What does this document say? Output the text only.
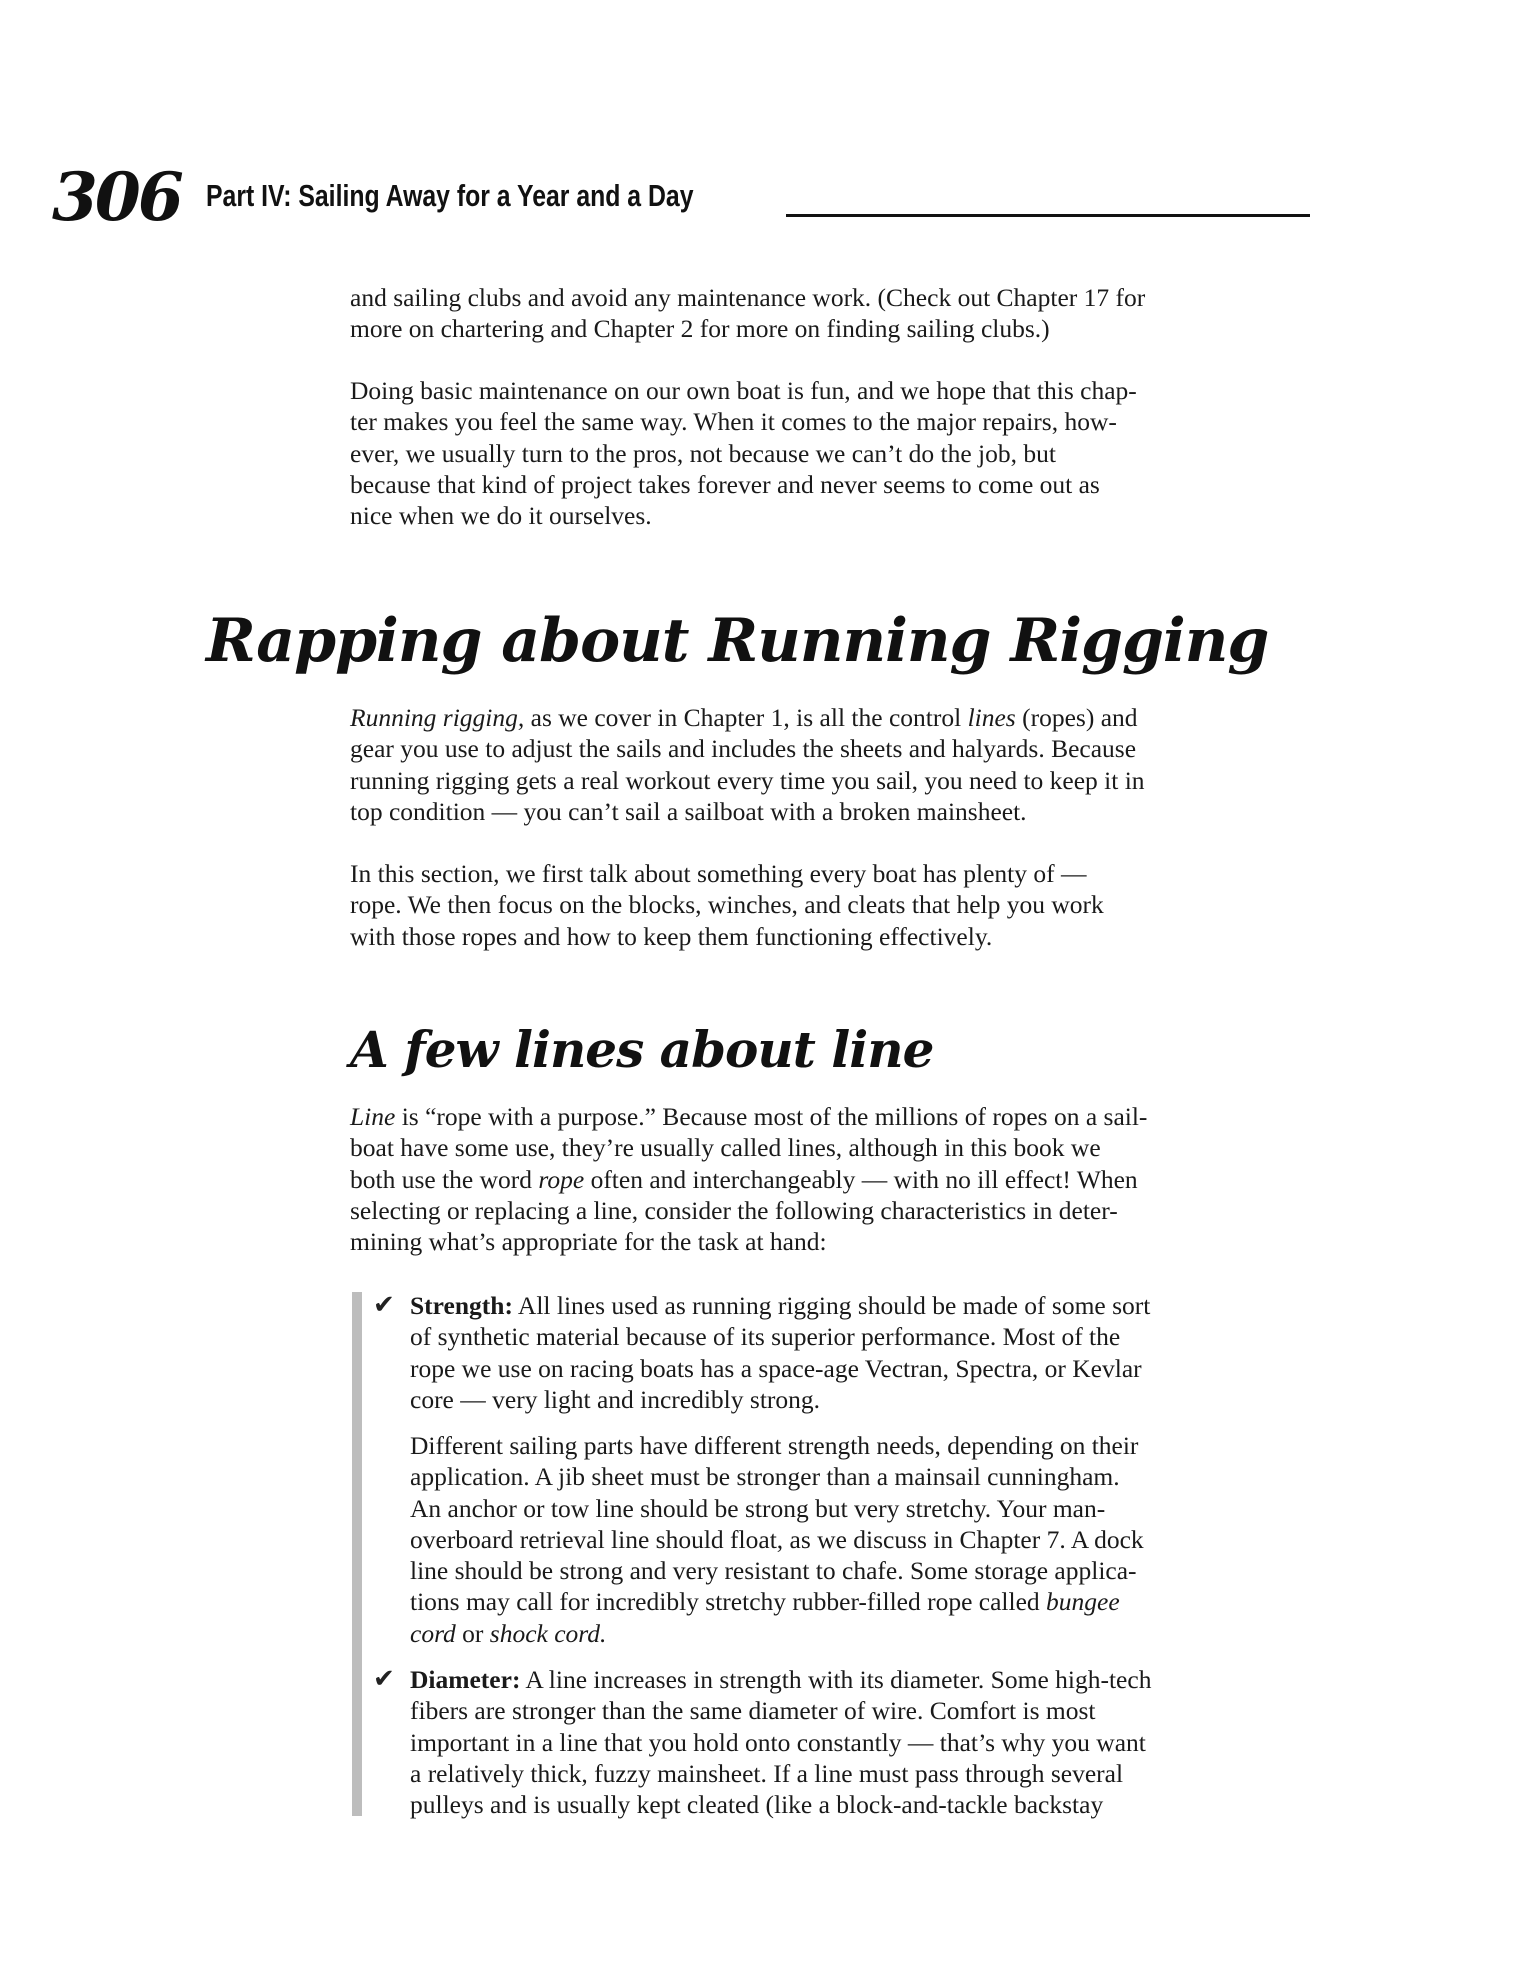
306 Part IV: Sailing Away for a Year and a Day
and sailing clubs and avoid any maintenance work. (Check out Chapter 17 for
more on chartering and Chapter 2 for more on finding sailing clubs.)
Doing basic maintenance on our own boat is fun, and we hope that this chap-
ter makes you feel the same way. When it comes to the major repairs, how-
ever, we usually turn to the pros, not because we can’t do the job, but
because that kind of project takes forever and never seems to come out as
nice when we do it ourselves.
Rapping about Running Rigging
Running rigging, as we cover in Chapter 1, is all the control lines (ropes) and
gear you use to adjust the sails and includes the sheets and halyards. Because
running rigging gets a real workout every time you sail, you need to keep it in
top condition — you can’t sail a sailboat with a broken mainsheet.
In this section, we first talk about something every boat has plenty of —
rope. We then focus on the blocks, winches, and cleats that help you work
with those ropes and how to keep them functioning effectively.
A few lines about line
Line is “rope with a purpose.” Because most of the millions of ropes on a sail-
boat have some use, they’re usually called lines, although in this book we
both use the word rope often and interchangeably — with no ill effect! When
selecting or replacing a line, consider the following characteristics in deter-
mining what’s appropriate for the task at hand:
✔ Strength: All lines used as running rigging should be made of some sort
of synthetic material because of its superior performance. Most of the
rope we use on racing boats has a space-age Vectran, Spectra, or Kevlar
core — very light and incredibly strong.
Different sailing parts have different strength needs, depending on their
application. A jib sheet must be stronger than a mainsail cunningham.
An anchor or tow line should be strong but very stretchy. Your man-
overboard retrieval line should float, as we discuss in Chapter 7. A dock
line should be strong and very resistant to chafe. Some storage applica-
tions may call for incredibly stretchy rubber-filled rope called bungee
cord or shock cord.
✔ Diameter: A line increases in strength with its diameter. Some high-tech
fibers are stronger than the same diameter of wire. Comfort is most
important in a line that you hold onto constantly — that’s why you want
a relatively thick, fuzzy mainsheet. If a line must pass through several
pulleys and is usually kept cleated (like a block-and-tackle backstay
